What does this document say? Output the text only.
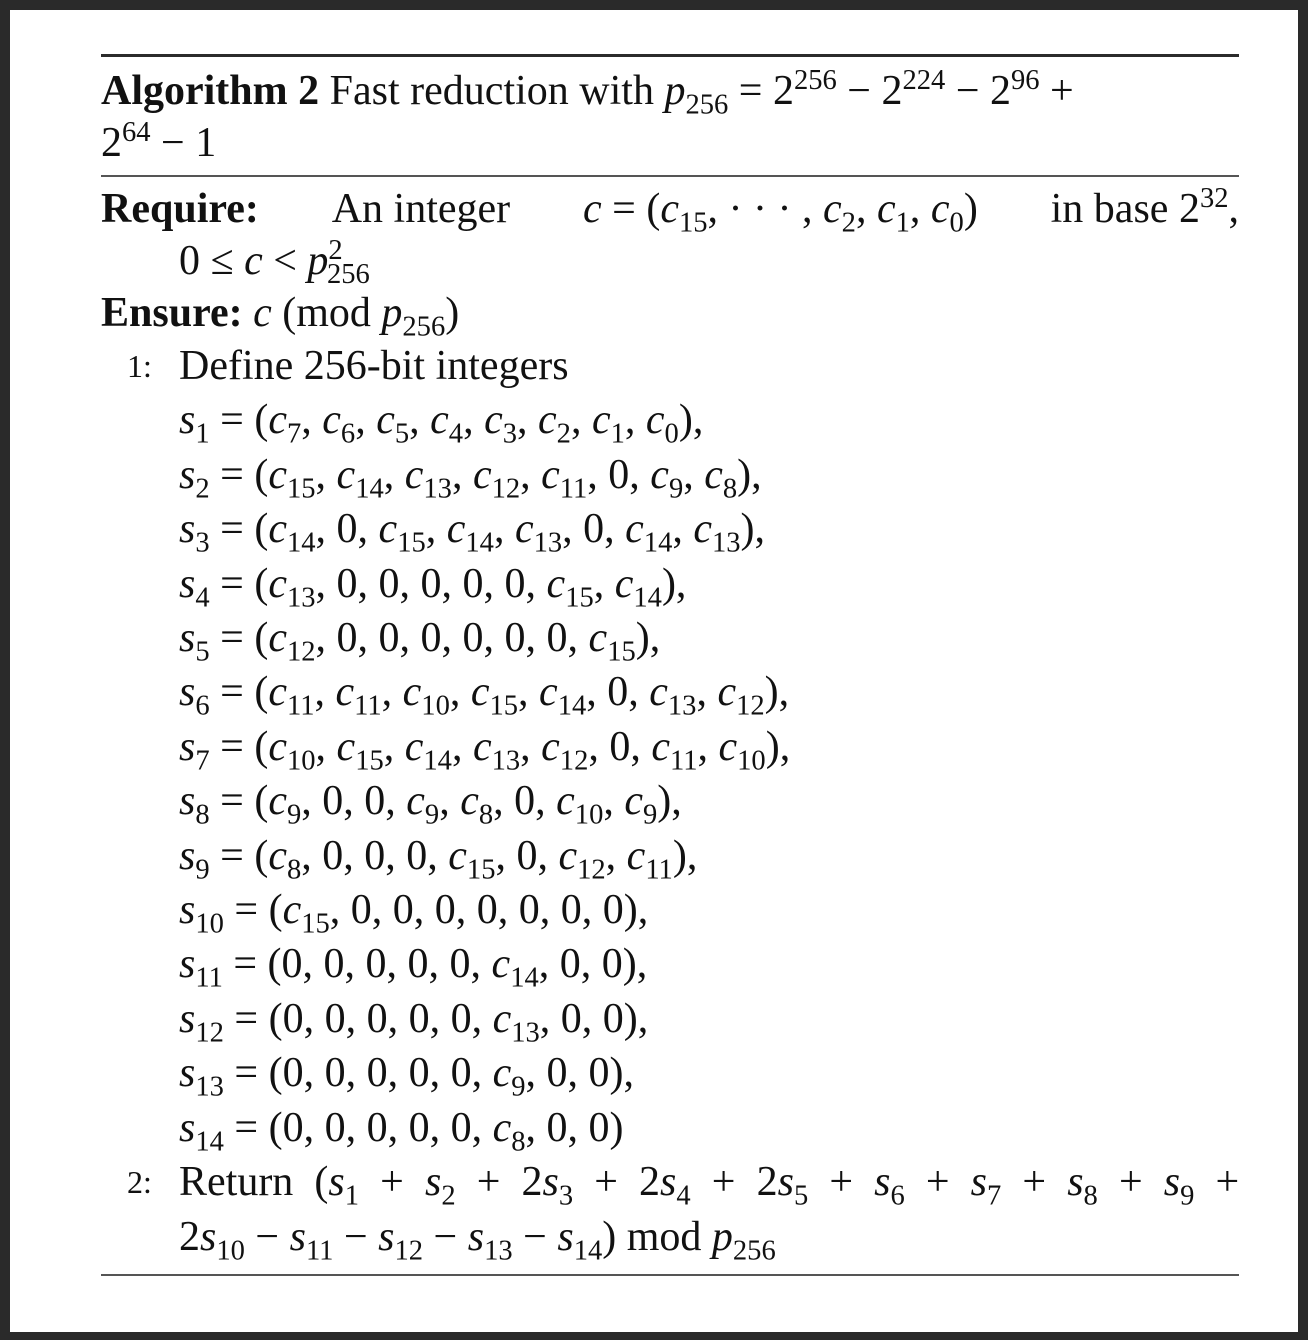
Algorithm 2 Fast reduction with $p_{256} = 2^{256} - 2^{224} - 2^{96}$ +
$2^{64} - 1$
Require: An integer $c = (c_{15}$, · · · , $c_2$, $c_1$, $c_0$) in base $2^{32}$,
$0 \le c < p^2_{256}$
Ensure: c (mod $p_{256}$)
1: Define 256-bit integers
$s_1 = (c_7$, $c_6$, $c_5$, $c_4$, $c_3$, $c_2$, $c_1$, $c_0$),
$s_2 = (c_{15}$, $c_{14}$, $c_{13}$, $c_{12}$, $c_{11}$, 0, $c_9$, $c_8$),
$s_3 = (c_{14}$, 0, $c_{15}$, $c_{14}$, $c_{13}$, 0, $c_{14}$, $c_{13}$),
$s_4 = (c_{13}$, 0, 0, 0, 0, 0, $c_{15}$, $c_{14}$),
$s_5 = (c_{12}$, 0, 0, 0, 0, 0, 0, $c_{15}$),
$s_6 = (c_{11}$, $c_{11}$, $c_{10}$, $c_{15}$, $c_{14}$, 0, $c_{13}$, $c_{12}$),
$s_7 = (c_{10}$, $c_{15}$, $c_{14}$, $c_{13}$, $c_{12}$, 0, $c_{11}$, $c_{10}$),
$s_8 = (c_9$, 0, 0, $c_9$, $c_8$, 0, $c_{10}$, $c_9$),
$s_9 = (c_8$, 0, 0, 0, $c_{15}$, 0, $c_{12}$, $c_{11}$),
$s_{10} = (c_{15}$, 0, 0, 0, 0, 0, 0, 0),
$s_{11} = (0$, 0, 0, 0, 0, $c_{14}$, 0, 0),
$s_{12} = (0$, 0, 0, 0, 0, $c_{13}$, 0, 0),
$s_{13} = (0$, 0, 0, 0, 0, $c_9$, 0, 0),
$s_{14} = (0$, 0, 0, 0, 0, $c_8$, 0, 0)
2: Return ($s_1 + s_2 + 2s_3 + 2s_4 + 2s_5 + s_6 + s_7 + s_8 + s_9$ +
$2s_{10} - s_{11} - s_{12} - s_{13} - s_{14}$) mod $p_{256}$
